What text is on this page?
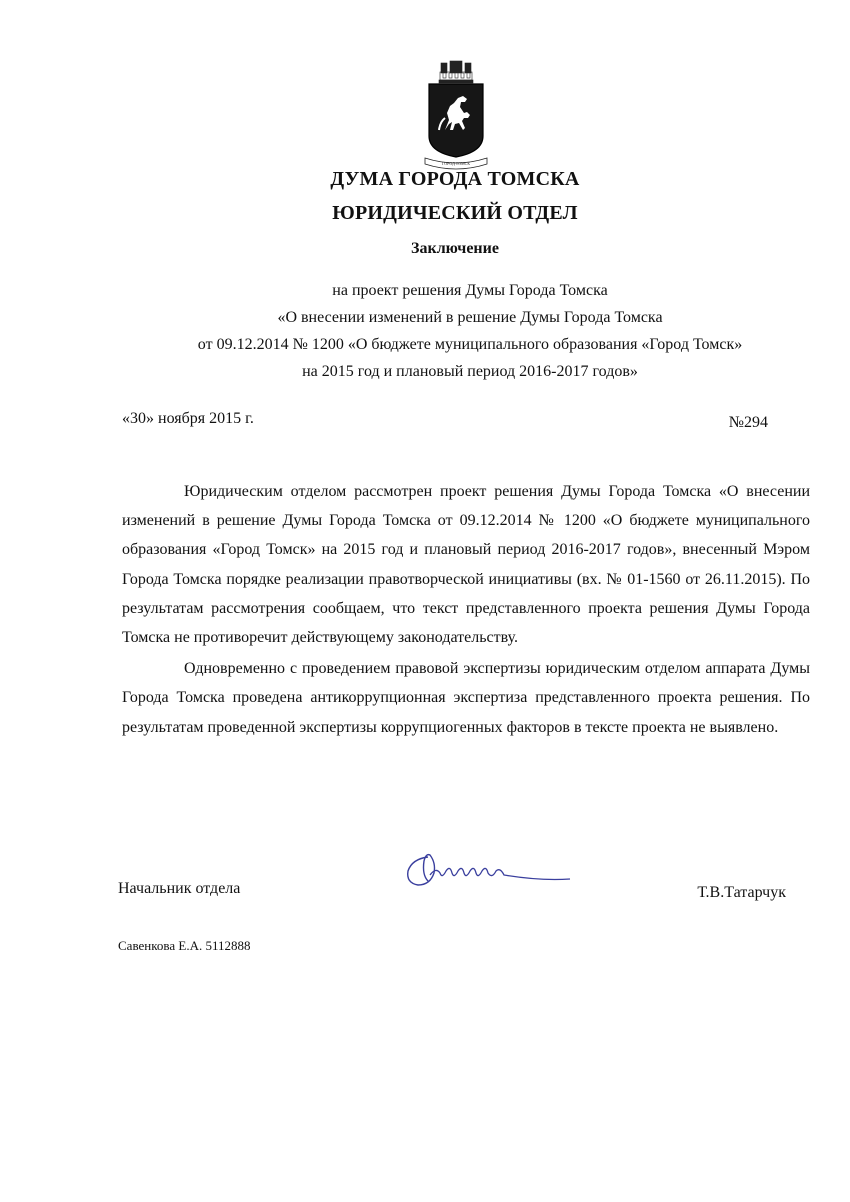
ГОРОД ТОМСК
ДУМА ГОРОДА ТОМСКА
ЮРИДИЧЕСКИЙ ОТДЕЛ
Заключение
на проект решения Думы Города Томска
«О внесении изменений в решение Думы Города Томска
от 09.12.2014 № 1200 «О бюджете муниципального образования «Город Томск»
на 2015 год и плановый период 2016-2017 годов»
«30» ноября 2015 г.	№294

Юридическим отделом рассмотрен проект решения Думы Города Томска «О внесении изменений в решение Думы Города Томска от 09.12.2014 № 1200 «О бюджете муниципального образования «Город Томск» на 2015 год и плановый период 2016-2017 годов», внесенный Мэром Города Томска порядке реализации правотворческой инициативы (вх. № 01-1560 от 26.11.2015). По результатам рассмотрения сообщаем, что текст представленного проекта решения Думы Города Томска не противоречит действующему законодательству.

Одновременно с проведением правовой экспертизы юридическим отделом аппарата Думы Города Томска проведена антикоррупционная экспертиза представленного проекта решения. По результатам проведенной экспертизы коррупциогенных факторов в тексте проекта не выявлено.

Начальник отдела	Т.В.Татарчук
Савенкова Е.А. 5112888
